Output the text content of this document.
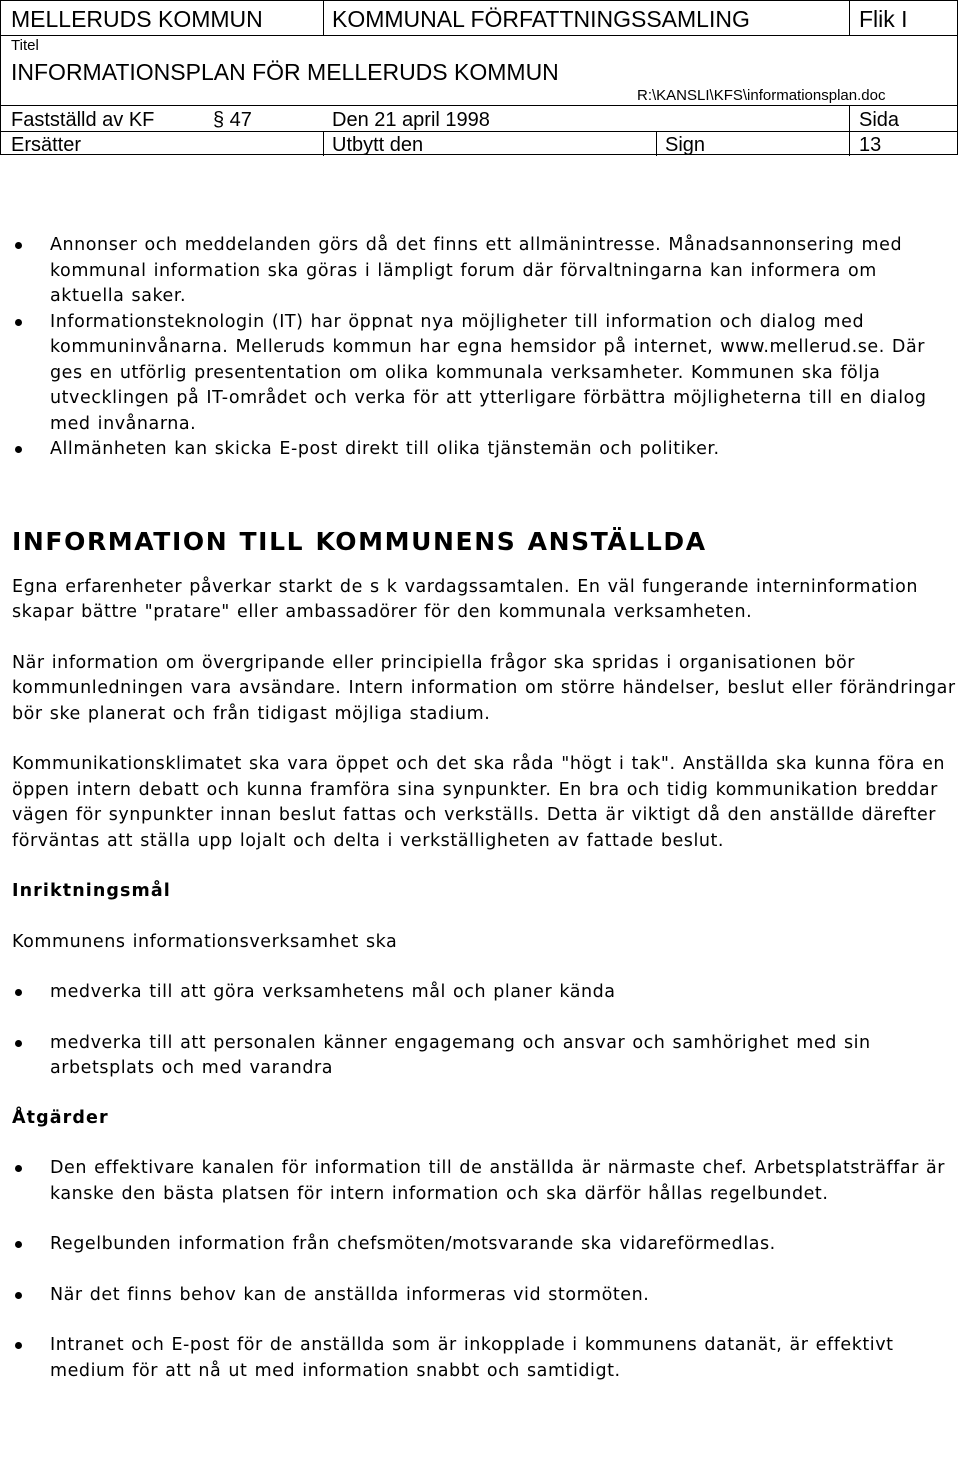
MELLERUDS KOMMUN	KOMMUNAL FÖRFATTNINGSSAMLING	Flik I
Titel
INFORMATIONSPLAN FÖR MELLERUDS KOMMUN
R:\KANSLI\KFS\informationsplan.doc
Fastställd av KF	§ 47	Den 21 april 1998	Sida
Ersätter	Utbytt den	Sign	13
Annonser och meddelanden görs då det finns ett allmänintresse. Månadsannonsering med kommunal information ska göras i lämpligt forum där förvaltningarna kan informera om aktuella saker.
Informationsteknologin (IT) har öppnat nya möjligheter till information och dialog med kommuninvånarna. Melleruds kommun har egna hemsidor på internet, www.mellerud.se. Där ges en utförlig presententation om olika kommunala verksamheter. Kommunen ska följa utvecklingen på IT-området och verka för att ytterligare förbättra möjligheterna till en dialog med invånarna.
Allmänheten kan skicka E-post direkt till olika tjänstemän och politiker.
INFORMATION TILL KOMMUNENS ANSTÄLLDA

Egna erfarenheter påverkar starkt de s k vardagssamtalen. En väl fungerande interninformation skapar bättre "pratare" eller ambassadörer för den kommunala verksamheten.

När information om övergripande eller principiella frågor ska spridas i organisationen bör kommunledningen vara avsändare. Intern information om större händelser, beslut eller förändringar bör ske planerat och från tidigast möjliga stadium.

Kommunikationsklimatet ska vara öppet och det ska råda "högt i tak". Anställda ska kunna föra en öppen intern debatt och kunna framföra sina synpunkter. En bra och tidig kommunikation breddar vägen för synpunkter innan beslut fattas och verkställs. Detta är viktigt då den anställde därefter förväntas att ställa upp lojalt och delta i verkställigheten av fattade beslut.

Inriktningsmål

Kommunens informationsverksamhet ska

medverka till att göra verksamhetens mål och planer kända
medverka till att personalen känner engagemang och ansvar och samhörighet med sin arbetsplats och med varandra
Åtgärder
Den effektivare kanalen för information till de anställda är närmaste chef. Arbetsplatsträffar är kanske den bästa platsen för intern information och ska därför hållas regelbundet.
Regelbunden information från chefsmöten/motsvarande ska vidareförmedlas.
När det finns behov kan de anställda informeras vid stormöten.
Intranet och E-post för de anställda som är inkopplade i kommunens datanät, är effektivt medium för att nå ut med information snabbt och samtidigt.
